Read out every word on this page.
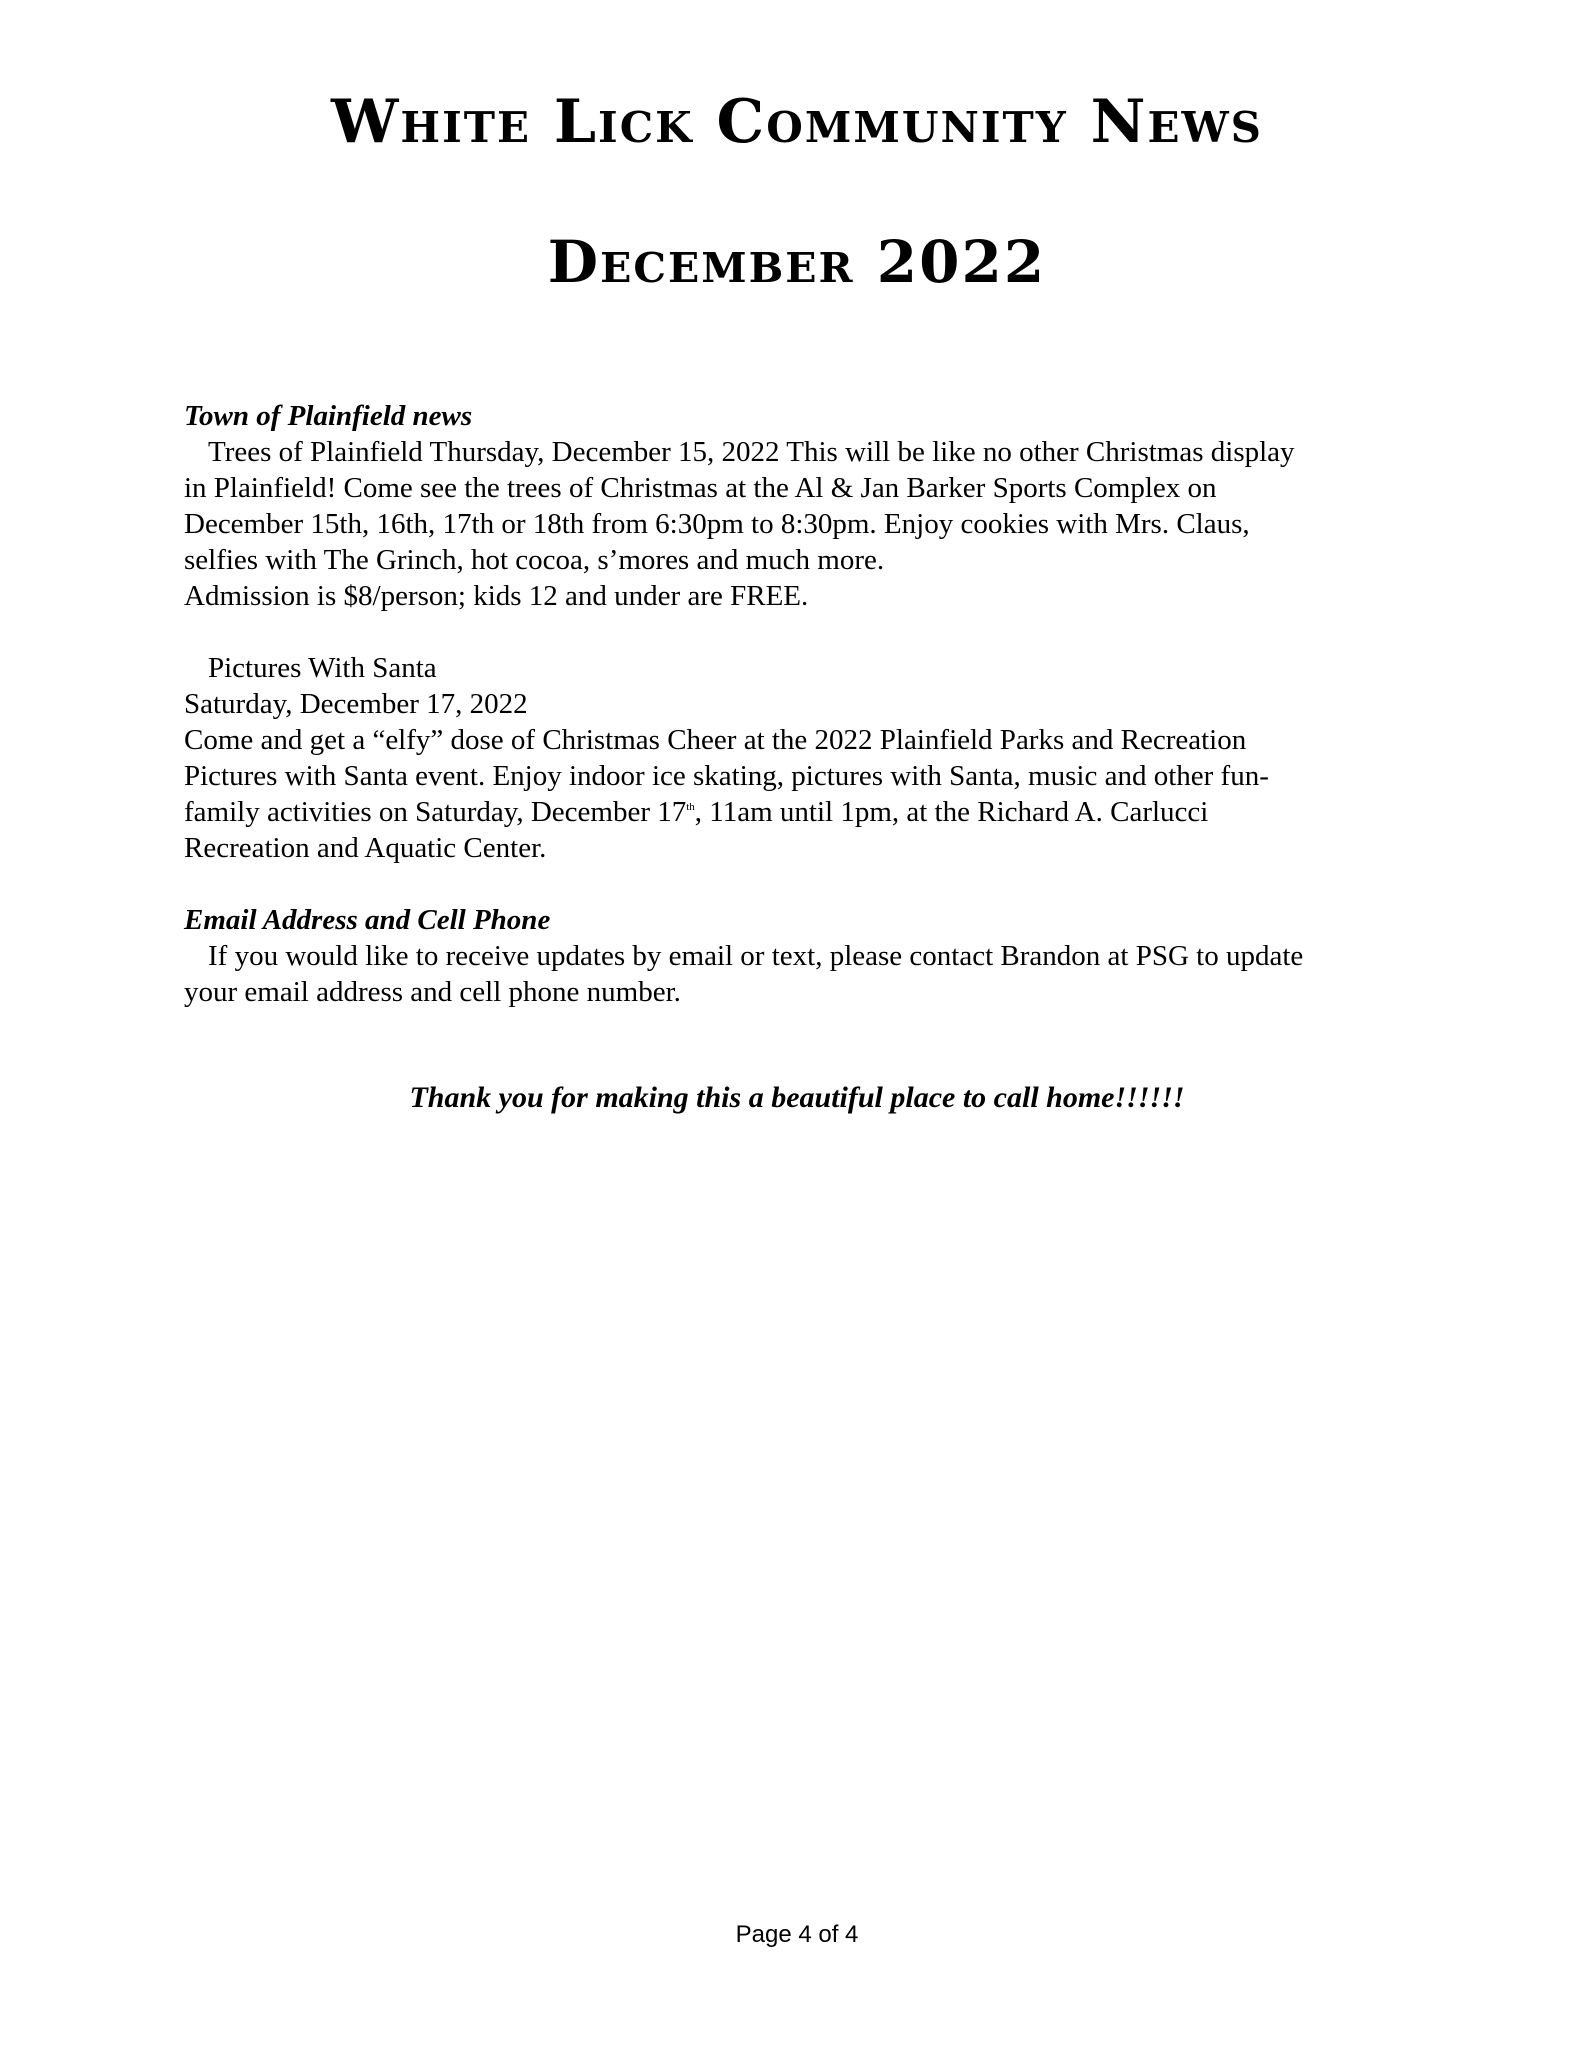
White Lick Community News
December 2022

Town of Plainfield news

Trees of Plainfield Thursday, December 15, 2022 This will be like no other Christmas display

in Plainfield! Come see the trees of Christmas at the Al & Jan Barker Sports Complex on

December 15th, 16th, 17th or 18th from 6:30pm to 8:30pm. Enjoy cookies with Mrs. Claus,

selfies with The Grinch, hot cocoa, s’mores and much more.

Admission is $8/person; kids 12 and under are FREE.

Pictures With Santa

Saturday, December 17, 2022

Come and get a “elfy” dose of Christmas Cheer at the 2022 Plainfield Parks and Recreation

Pictures with Santa event. Enjoy indoor ice skating, pictures with Santa, music and other fun-

family activities on Saturday, December 17th, 11am until 1pm, at the Richard A. Carlucci

Recreation and Aquatic Center.

Email Address and Cell Phone

If you would like to receive updates by email or text, please contact Brandon at PSG to update

your email address and cell phone number.

Thank you for making this a beautiful place to call home!!!!!!

Page 4 of 4
